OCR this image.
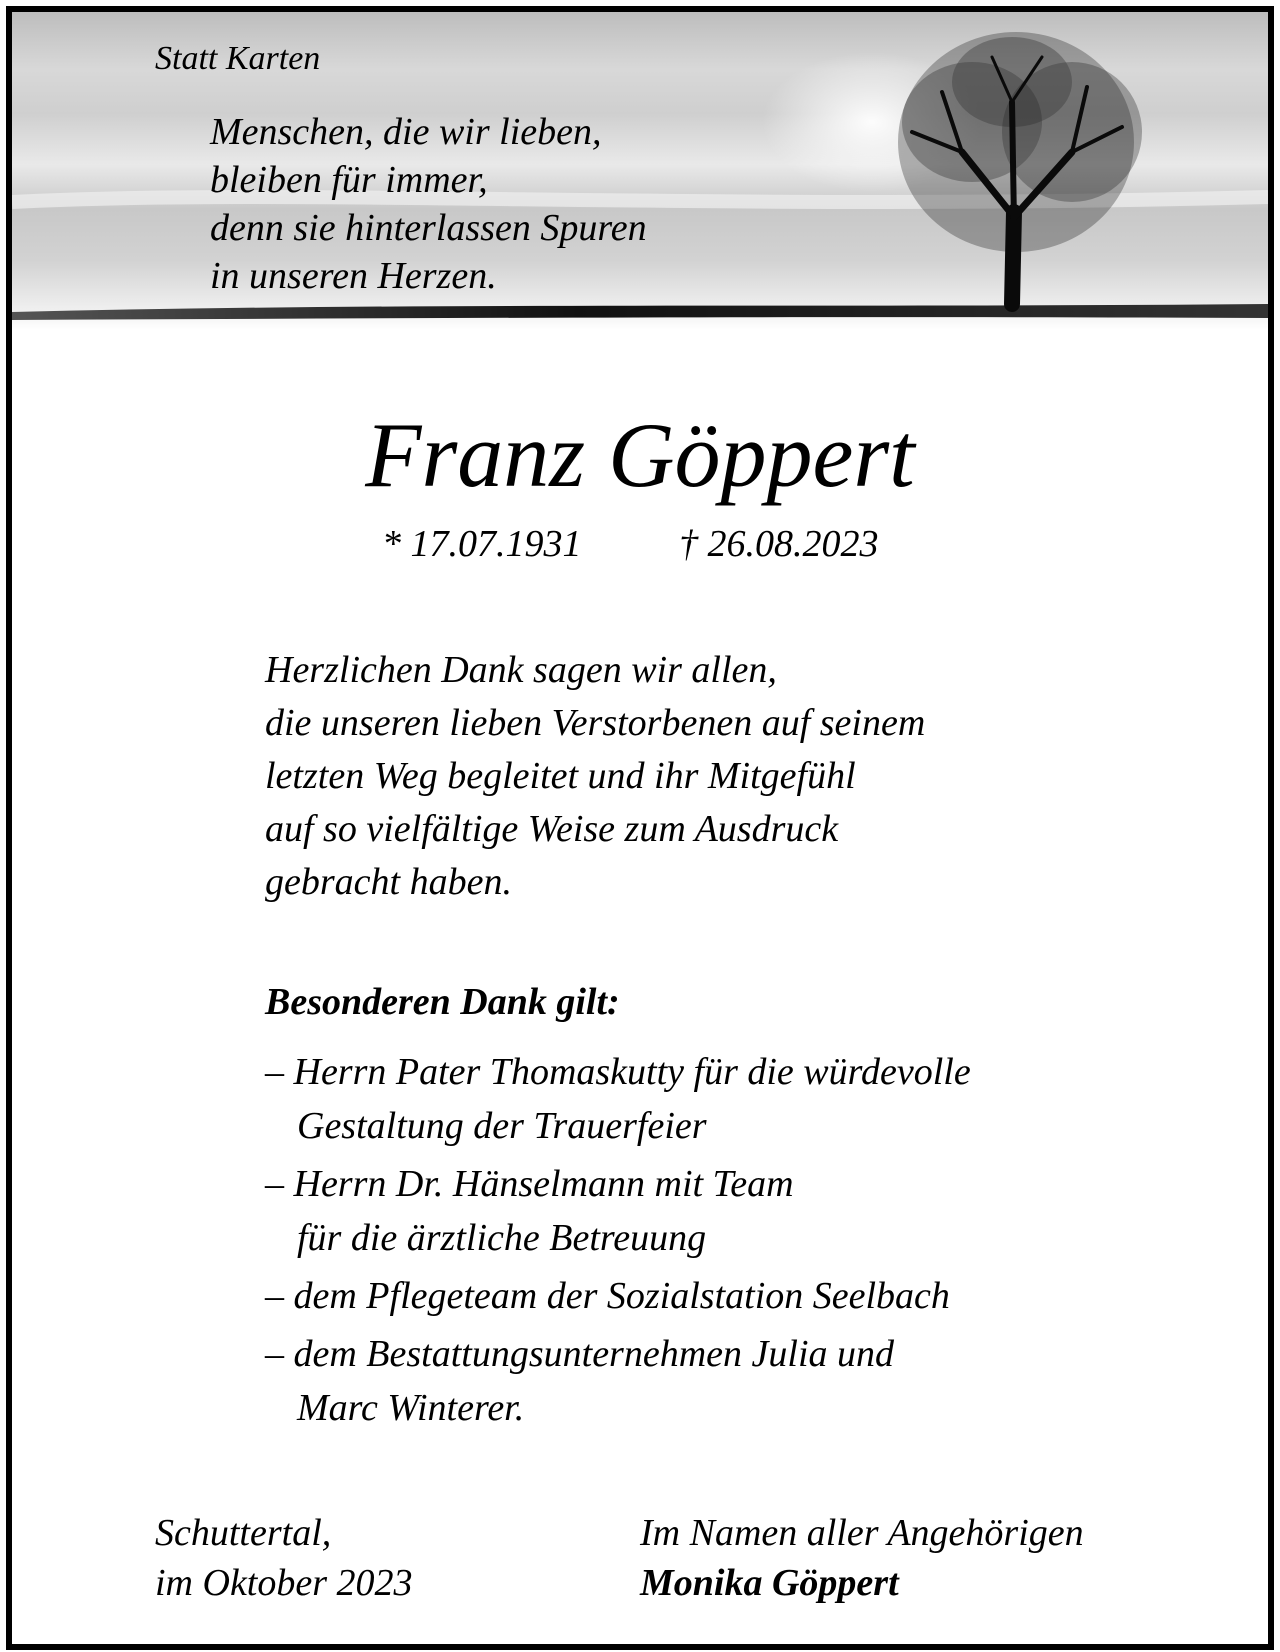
Statt Karten
Menschen, die wir lieben,
bleiben für immer,
denn sie hinterlassen Spuren
in unseren Herzen.
Franz Göppert
* 17.07.1931	† 26.08.2023
Herzlichen Dank sagen wir allen,
die unseren lieben Verstorbenen auf seinem
letzten Weg begleitet und ihr Mitgefühl
auf so vielfältige Weise zum Ausdruck
gebracht haben.
Besonderen Dank gilt:
– Herrn Pater Thomaskutty für die würdevolle
Gestaltung der Trauerfeier
– Herrn Dr. Hänselmann mit Team
für die ärztliche Betreuung
– dem Pflegeteam der Sozialstation Seelbach
– dem Bestattungsunternehmen Julia und
Marc Winterer.
Schuttertal,
im Oktober 2023
Im Namen aller Angehörigen
Monika Göppert
